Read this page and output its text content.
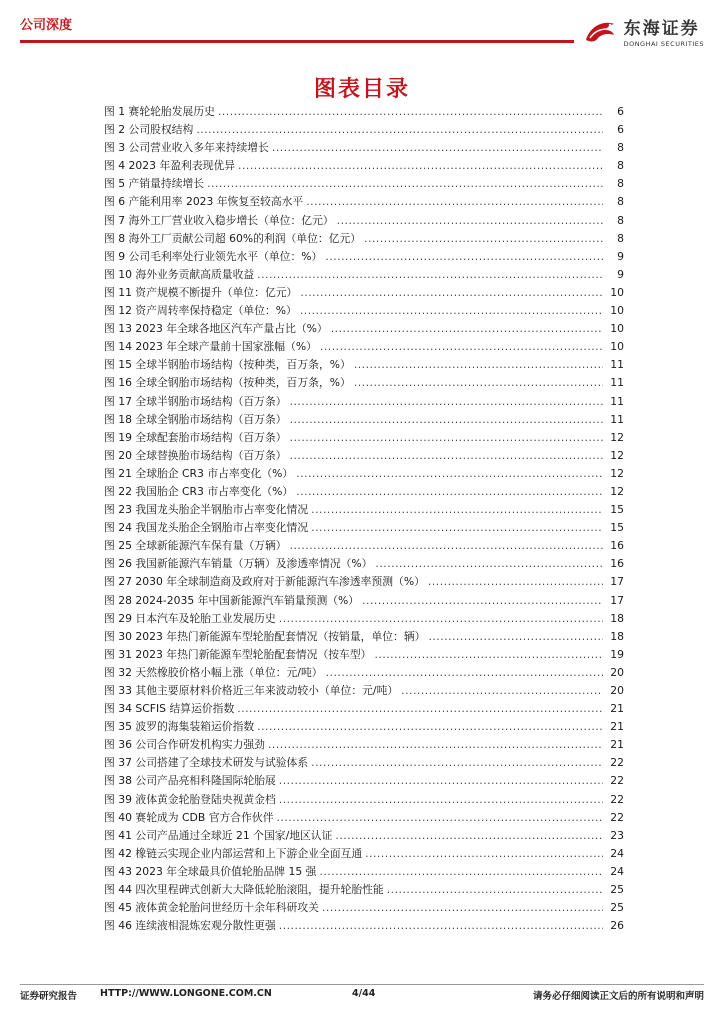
公司深度	东海证券
DONGHAI SECURITIES
图表目录
图 1 赛轮轮胎发展历史 .....	6
图 2 公司股权结构 .....	6
图 3 公司营业收入多年来持续增长 .....	8
图 4 2023 年盈利表现优异 .....	8
图 5 产销量持续增长 .....	8
图 6 产能利用率 2023 年恢复至较高水平 .....	8
图 7 海外工厂营业收入稳步增长（单位：亿元） .....	8
图 8 海外工厂贡献公司超 60%的利润（单位：亿元） .....	8
图 9 公司毛利率处行业领先水平（单位：%） .....	9
图 10 海外业务贡献高质量收益 .....	9
图 11 资产规模不断提升（单位：亿元） .....	10
图 12 资产周转率保持稳定（单位：%） .....	10
图 13 2023 年全球各地区汽车产量占比（%） .....	10
图 14 2023 年全球产量前十国家涨幅（%） .....	10
图 15 全球半钢胎市场结构（按种类，百万条，%） .....	11
图 16 全球全钢胎市场结构（按种类，百万条，%） .....	11
图 17 全球半钢胎市场结构（百万条） .....	11
图 18 全球全钢胎市场结构（百万条） .....	11
图 19 全球配套胎市场结构（百万条） .....	12
图 20 全球替换胎市场结构（百万条） .....	12
图 21 全球胎企 CR3 市占率变化（%） .....	12
图 22 我国胎企 CR3 市占率变化（%） .....	12
图 23 我国龙头胎企半钢胎市占率变化情况 .....	15
图 24 我国龙头胎企全钢胎市占率变化情况 .....	15
图 25 全球新能源汽车保有量（万辆） .....	16
图 26 我国新能源汽车销量（万辆）及渗透率情况（%） .....	16
图 27 2030 年全球制造商及政府对于新能源汽车渗透率预测（%） .....	17
图 28 2024-2035 年中国新能源汽车销量预测（%） .....	17
图 29 日本汽车及轮胎工业发展历史 .....	18
图 30 2023 年热门新能源车型轮胎配套情况（按销量，单位：辆） .....	18
图 31 2023 年热门新能源车型轮胎配套情况（按车型） .....	19
图 32 天然橡胶价格小幅上涨（单位：元/吨） .....	20
图 33 其他主要原材料价格近三年来波动较小（单位：元/吨） .....	20
图 34 SCFIS 结算运价指数 .....	21
图 35 波罗的海集装箱运价指数 .....	21
图 36 公司合作研发机构实力强劲 .....	21
图 37 公司搭建了全球技术研发与试验体系 .....	22
图 38 公司产品亮相科隆国际轮胎展 .....	22
图 39 液体黄金轮胎登陆央视黄金档 .....	22
图 40 赛轮成为 CDB 官方合作伙伴 .....	22
图 41 公司产品通过全球近 21 个国家/地区认证 .....	23
图 42 橡链云实现企业内部运营和上下游企业全面互通 .....	24
图 43 2023 年全球最具价值轮胎品牌 15 强 .....	24
图 44 四次里程碑式创新大大降低轮胎滚阻，提升轮胎性能 .....	25
图 45 液体黄金轮胎问世经历十余年科研攻关 .....	25
图 46 连续液相混炼宏观分散性更强 .....	26
证券研究报告 HTTP://WWW.LONGONE.COM.CN	4/44	请务必仔细阅读正文后的所有说明和声明
